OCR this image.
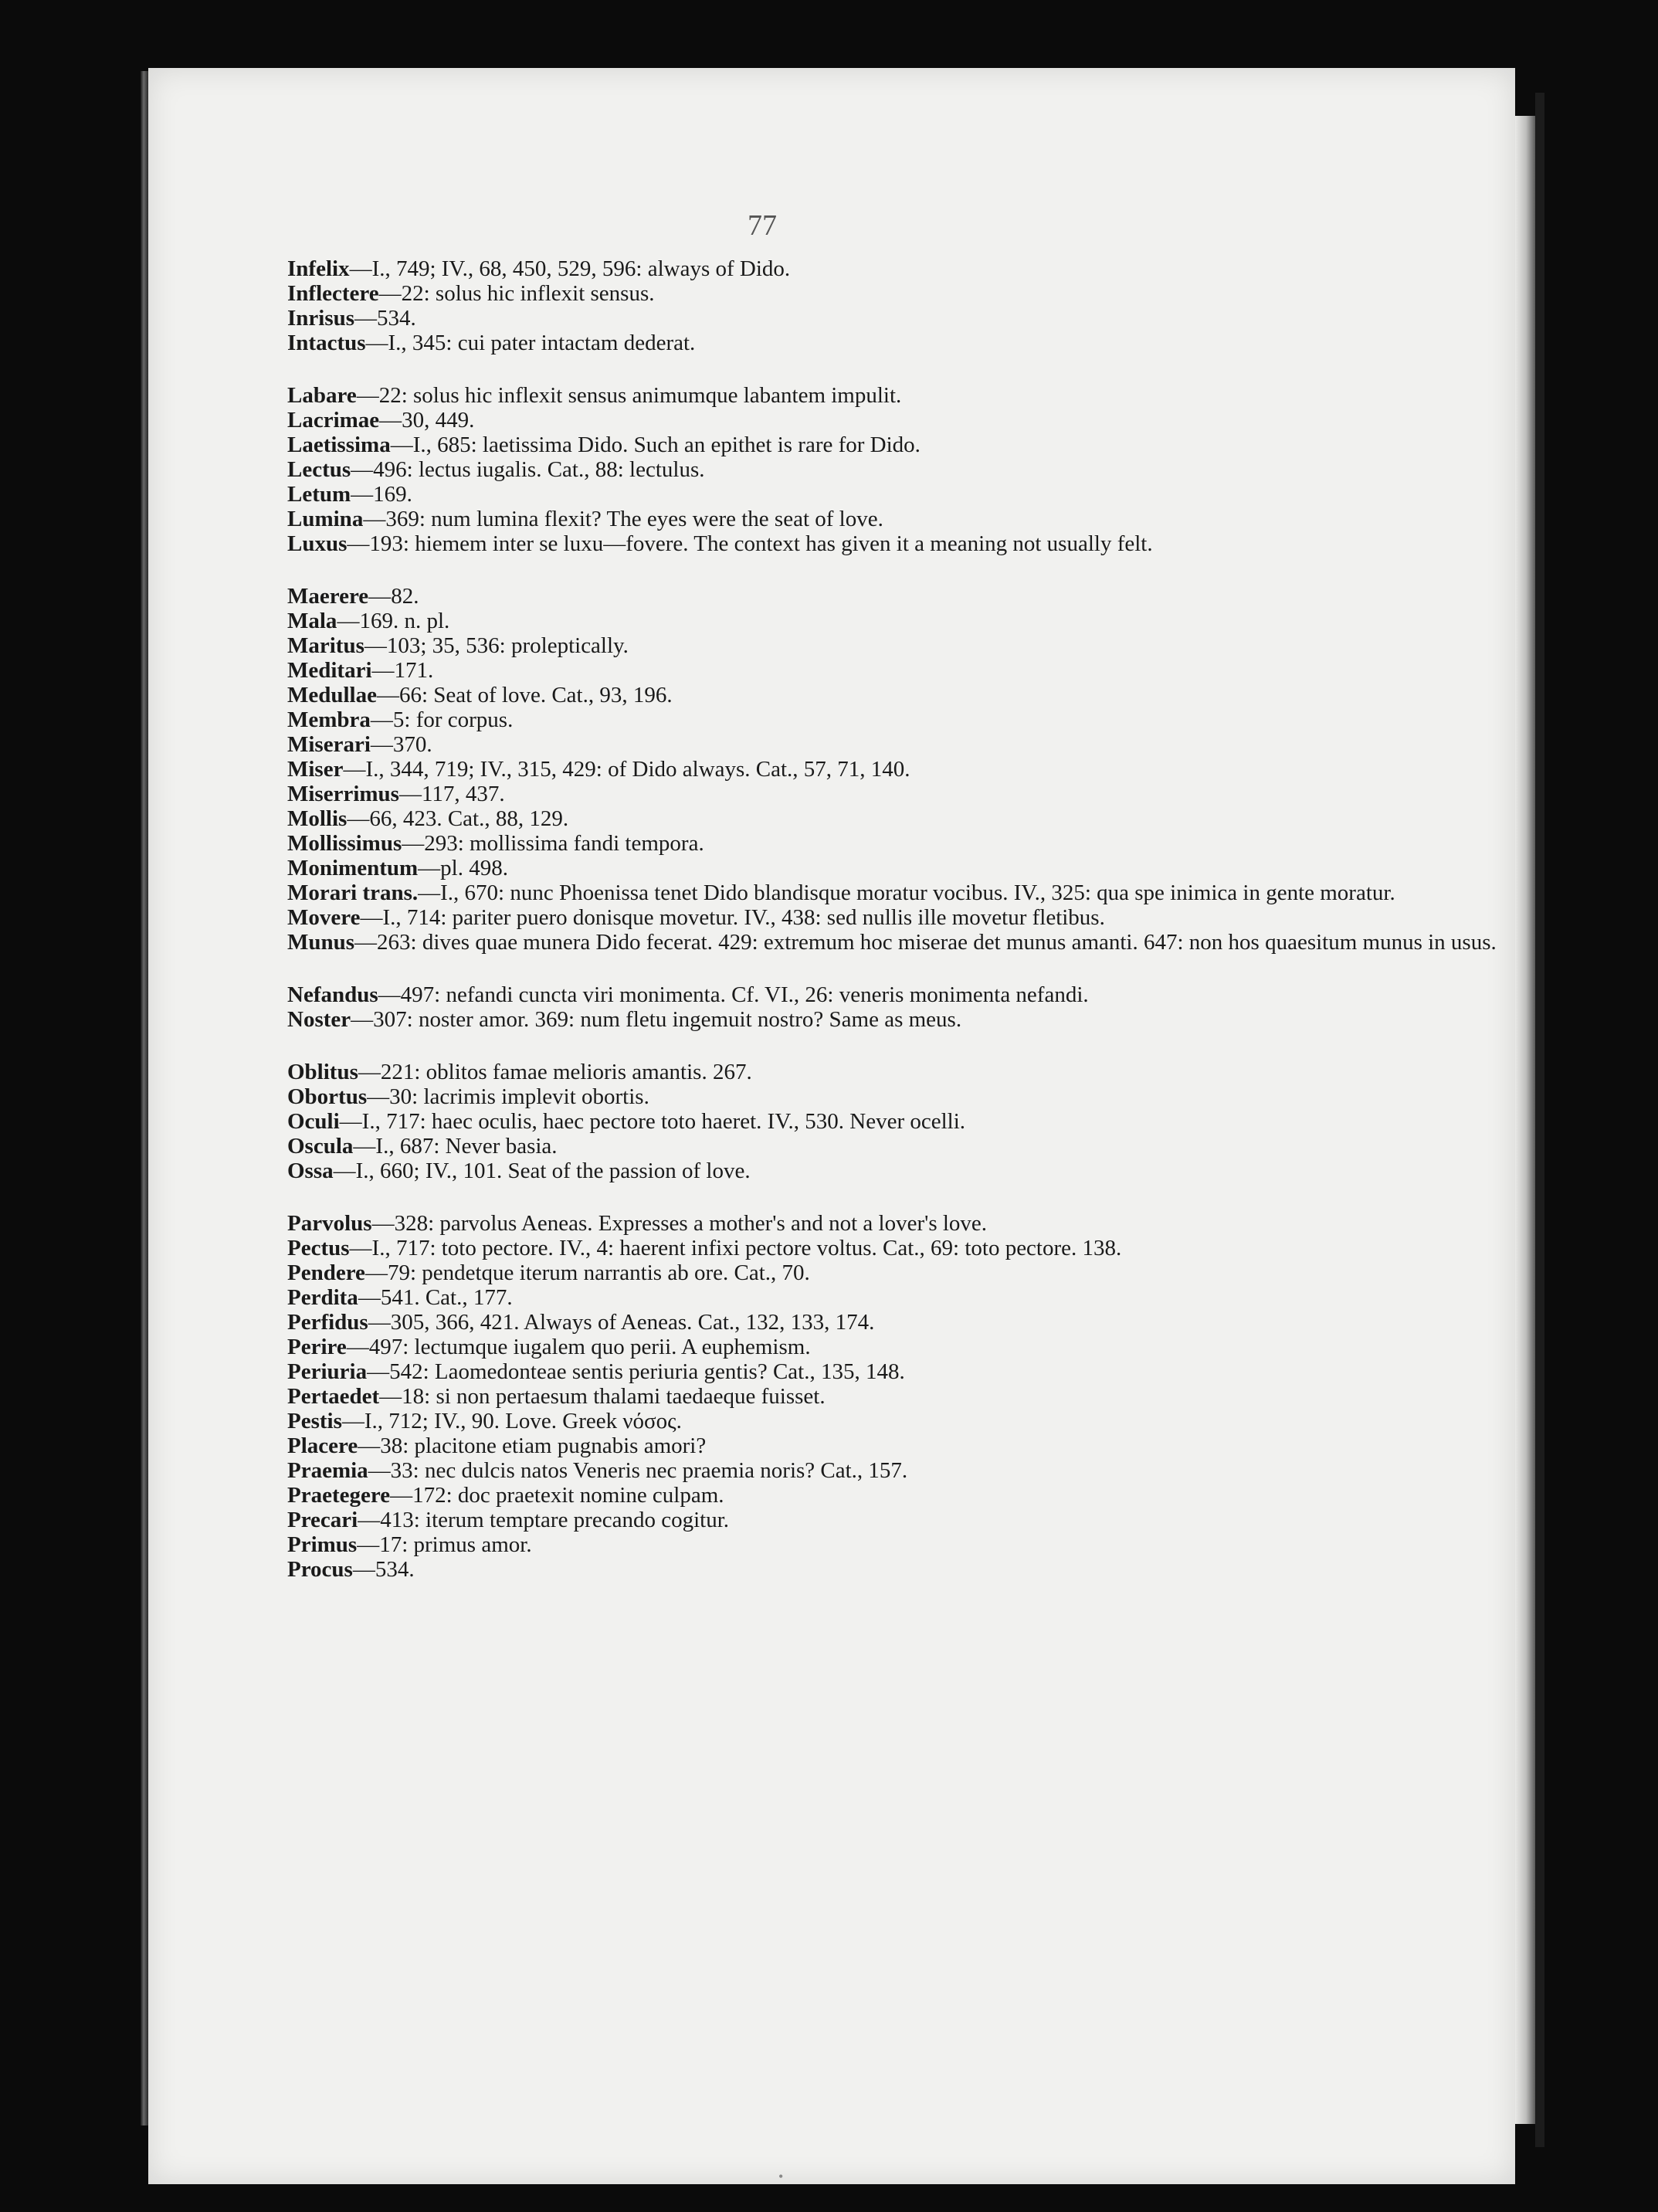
77

Infelix—I., 749; IV., 68, 450, 529, 596: always of Dido.

Inflectere—22: solus hic inflexit sensus.

Inrisus—534.

Intactus—I., 345: cui pater intactam dederat.

Labare—22: solus hic inflexit sensus animumque labantem impulit.

Lacrimae—30, 449.

Laetissima—I., 685: laetissima Dido. Such an epithet is rare for Dido.

Lectus—496: lectus iugalis. Cat., 88: lectulus.

Letum—169.

Lumina—369: num lumina flexit? The eyes were the seat of love.

Luxus—193: hiemem inter se luxu—fovere. The context has given it a meaning not usually felt.

Maerere—82.

Mala—169. n. pl.

Maritus—103; 35, 536: proleptically.

Meditari—171.

Medullae—66: Seat of love. Cat., 93, 196.

Membra—5: for corpus.

Miserari—370.

Miser—I., 344, 719; IV., 315, 429: of Dido always. Cat., 57, 71, 140.

Miserrimus—117, 437.

Mollis—66, 423. Cat., 88, 129.

Mollissimus—293: mollissima fandi tempora.

Monimentum—pl. 498.

Morari trans.—I., 670: nunc Phoenissa tenet Dido blandisque moratur vocibus. IV., 325: qua spe inimica in gente moratur.

Movere—I., 714: pariter puero donisque movetur. IV., 438: sed nullis ille movetur fletibus.

Munus—263: dives quae munera Dido fecerat. 429: extremum hoc miserae det munus amanti. 647: non hos quaesitum munus in usus.

Nefandus—497: nefandi cuncta viri monimenta. Cf. VI., 26: veneris monimenta nefandi.

Noster—307: noster amor. 369: num fletu ingemuit nostro? Same as meus.

Oblitus—221: oblitos famae melioris amantis. 267.

Obortus—30: lacrimis implevit obortis.

Oculi—I., 717: haec oculis, haec pectore toto haeret. IV., 530. Never ocelli.

Oscula—I., 687: Never basia.

Ossa—I., 660; IV., 101. Seat of the passion of love.

Parvolus—328: parvolus Aeneas. Expresses a mother's and not a lover's love.

Pectus—I., 717: toto pectore. IV., 4: haerent infixi pectore voltus. Cat., 69: toto pectore. 138.

Pendere—79: pendetque iterum narrantis ab ore. Cat., 70.

Perdita—541. Cat., 177.

Perfidus—305, 366, 421. Always of Aeneas. Cat., 132, 133, 174.

Perire—497: lectumque iugalem quo perii. A euphemism.

Periuria—542: Laomedonteae sentis periuria gentis? Cat., 135, 148.

Pertaedet—18: si non pertaesum thalami taedaeque fuisset.

Pestis—I., 712; IV., 90. Love. Greek νόσος.

Placere—38: placitone etiam pugnabis amori?

Praemia—33: nec dulcis natos Veneris nec praemia noris? Cat., 157.

Praetegere—172: doc praetexit nomine culpam.

Precari—413: iterum temptare precando cogitur.

Primus—17: primus amor.

Procus—534.

•
